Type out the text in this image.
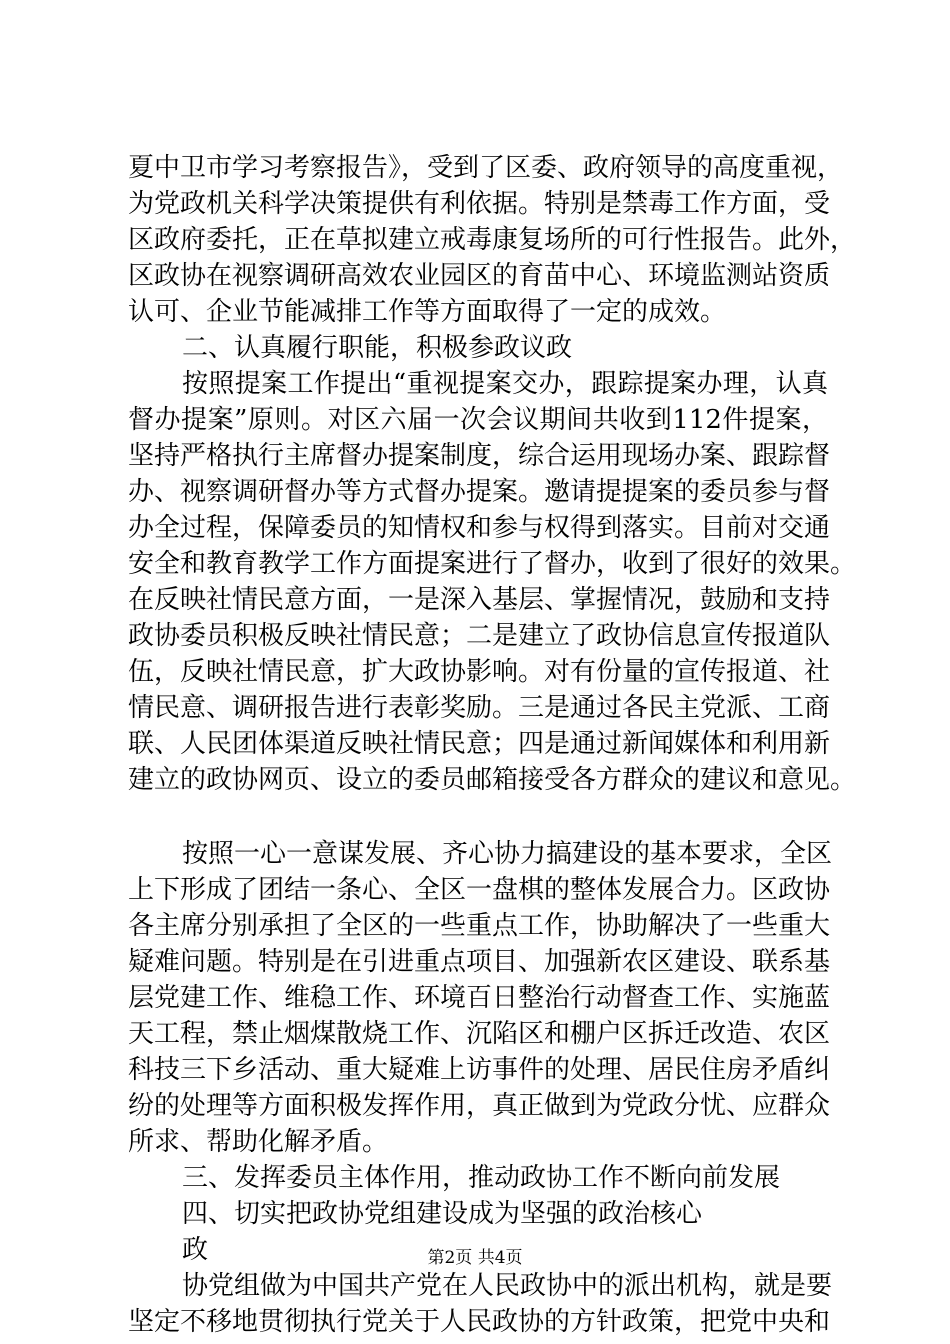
夏中卫市学习考察报告》，受到了区委、政府领导的高度重视，
为党政机关科学决策提供有利依据。特别是禁毒工作方面，受
区政府委托，正在草拟建立戒毒康复场所的可行性报告。此外，
区政协在视察调研高效农业园区的育苗中心、环境监测站资质
认可、企业节能减排工作等方面取得了一定的成效。
二、认真履行职能，积极参政议政
按照提案工作提出“重视提案交办，跟踪提案办理，认真
督办提案”原则。对区六届一次会议期间共收到112件提案，
坚持严格执行主席督办提案制度，综合运用现场办案、跟踪督
办、视察调研督办等方式督办提案。邀请提提案的委员参与督
办全过程，保障委员的知情权和参与权得到落实。目前对交通
安全和教育教学工作方面提案进行了督办，收到了很好的效果。
在反映社情民意方面，一是深入基层、掌握情况，鼓励和支持
政协委员积极反映社情民意；二是建立了政协信息宣传报道队
伍，反映社情民意，扩大政协影响。对有份量的宣传报道、社
情民意、调研报告进行表彰奖励。三是通过各民主党派、工商
联、人民团体渠道反映社情民意；四是通过新闻媒体和利用新
建立的政协网页、设立的委员邮箱接受各方群众的建议和意见。
按照一心一意谋发展、齐心协力搞建设的基本要求，全区
上下形成了团结一条心、全区一盘棋的整体发展合力。区政协
各主席分别承担了全区的一些重点工作，协助解决了一些重大
疑难问题。特别是在引进重点项目、加强新农区建设、联系基
层党建工作、维稳工作、环境百日整治行动督查工作、实施蓝
天工程，禁止烟煤散烧工作、沉陷区和棚户区拆迁改造、农区
科技三下乡活动、重大疑难上访事件的处理、居民住房矛盾纠
纷的处理等方面积极发挥作用，真正做到为党政分忧、应群众
所求、帮助化解矛盾。
三、发挥委员主体作用，推动政协工作不断向前发展
四、切实把政协党组建设成为坚强的政治核心
政
协党组做为中国共产党在人民政协中的派出机构，就是要
坚定不移地贯彻执行党关于人民政协的方针政策，把党中央和
第2页 共4页
